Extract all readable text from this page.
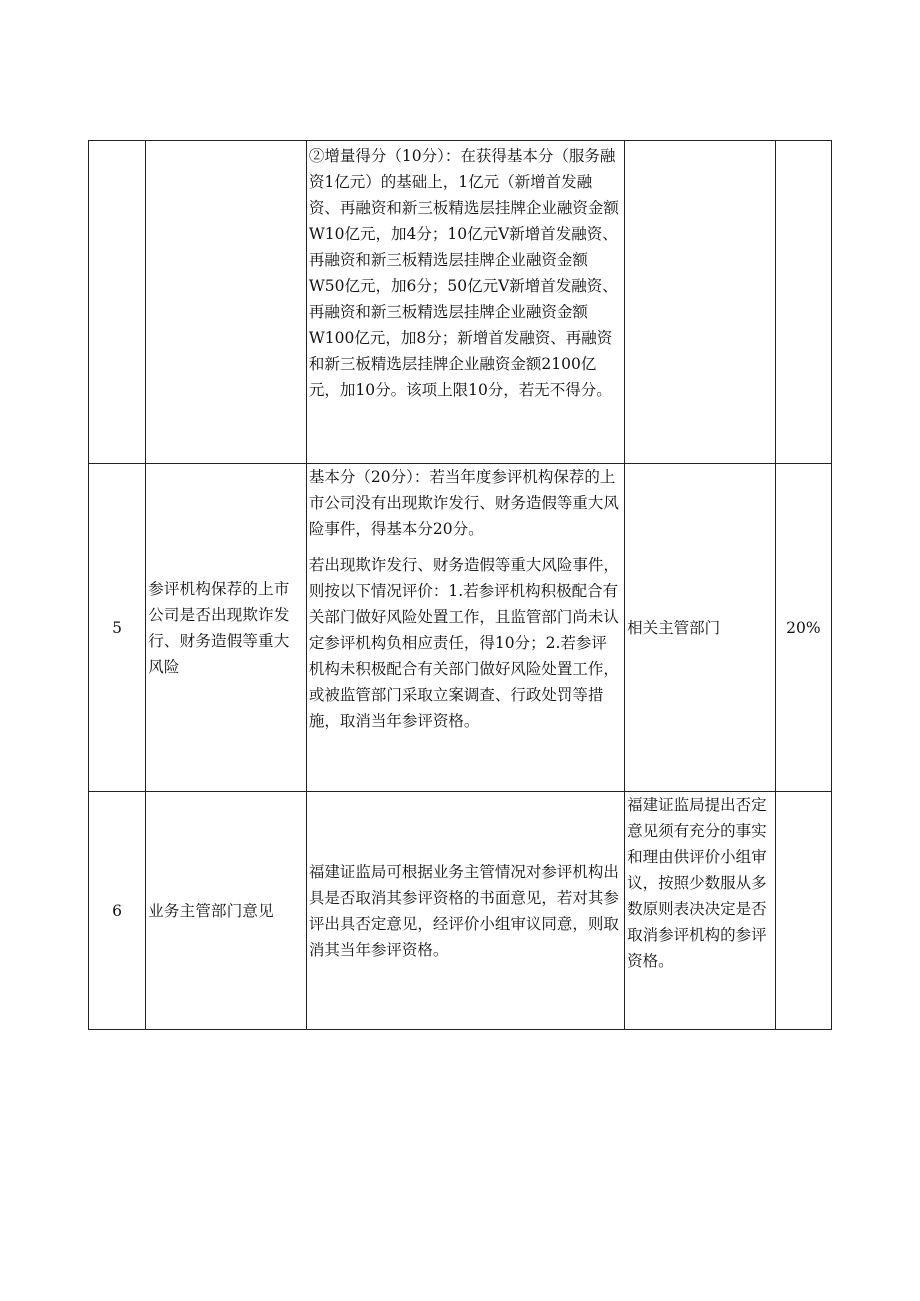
		②增量得分（10分）：在获得基本分（服务融资1亿元）的基础上，1亿元（新增首发融资、再融资和新三板精选层挂牌企业融资金额W10亿元，加4分；10亿元V新增首发融资、再融资和新三板精选层挂牌企业融资金额W50亿元，加6分；50亿元V新增首发融资、再融资和新三板精选层挂牌企业融资金额W100亿元，加8分；新增首发融资、再融资和新三板精选层挂牌企业融资金额2100亿元，加10分。该项上限10分，若无不得分。		

5	参评机构保荐的上市公司是否出现欺诈发行、财务造假等重大风险	基本分（20分）：若当年度参评机构保荐的上市公司没有出现欺诈发行、财务造假等重大风险事件，得基本分20分。

若出现欺诈发行、财务造假等重大风险事件，则按以下情况评价：1.若参评机构积极配合有关部门做好风险处置工作，且监管部门尚未认定参评机构负相应责任，得10分；2.若参评机构未积极配合有关部门做好风险处置工作，或被监管部门采取立案调查、行政处罚等措施，取消当年参评资格。	相关主管部门	20%
6	业务主管部门意见	福建证监局可根据业务主管情况对参评机构出具是否取消其参评资格的书面意见，若对其参评出具否定意见，经评价小组审议同意，则取消其当年参评资格。	福建证监局提出否定意见须有充分的事实和理由供评价小组审议，按照少数服从多数原则表决决定是否取消参评机构的参评资格。	
